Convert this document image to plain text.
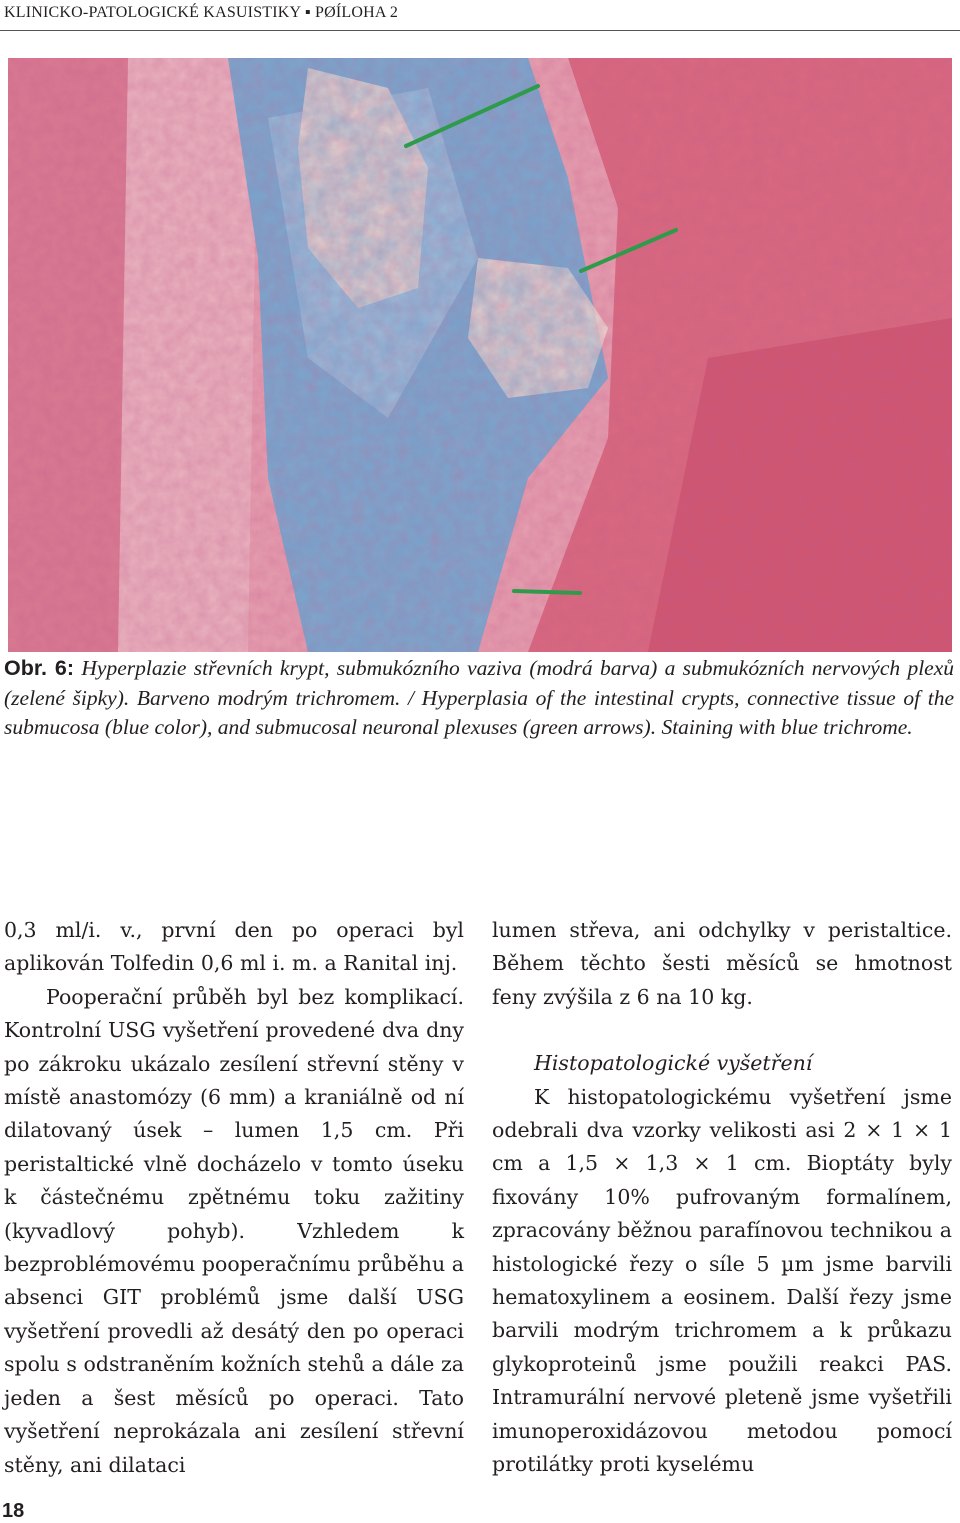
KLINICKO-PATOLOGICKÉ KASUISTIKY ▪ PØÍLOHA 2
Obr. 6: Hyperplazie střevních krypt, submukózního vaziva (modrá barva) a submukózních nervových plexů (zelené šipky). Barveno modrým trichromem. / Hyperplasia of the intestinal crypts, connective tissue of the submucosa (blue color), and submucosal neuronal plexuses (green arrows). Staining with blue trichrome.

0,3 ml/i. v., první den po operaci byl aplikován Tolfedin 0,6 ml i. m. a Ranital inj.

Pooperační průběh byl bez komplikací. Kontrolní USG vyšetření provedené dva dny po zákroku ukázalo zesílení střevní stěny v místě anastomózy (6 mm) a kraniálně od ní dilatovaný úsek – lumen 1,5 cm. Při peristaltické vlně docházelo v tomto úseku k částečnému zpětnému toku zažitiny (kyvadlový pohyb). Vzhledem k bezproblémovému pooperačnímu průběhu a absenci GIT problémů jsme další USG vyšetření provedli až desátý den po operaci spolu s odstraněním kožních stehů a dále za jeden a šest měsíců po operaci. Tato vyšetření neprokázala ani zesílení střevní stěny, ani dilataci

lumen střeva, ani odchylky v peristaltice. Během těchto šesti měsíců se hmotnost feny zvýšila z 6 na 10 kg.

Histopatologické vyšetření

K histopatologickému vyšetření jsme odebrali dva vzorky velikosti asi 2 × 1 × 1 cm a 1,5 × 1,3 × 1 cm. Bioptáty byly fixovány 10% pufrovaným formalínem, zpracovány běžnou parafínovou technikou a histologické řezy o síle 5 µm jsme barvili hematoxylinem a eosinem. Další řezy jsme barvili modrým trichromem a k průkazu glykoproteinů jsme použili reakci PAS. Intramurální nervové pleteně jsme vyšetřili imunoperoxidázovou metodou pomocí protilátky proti kyselému

18
